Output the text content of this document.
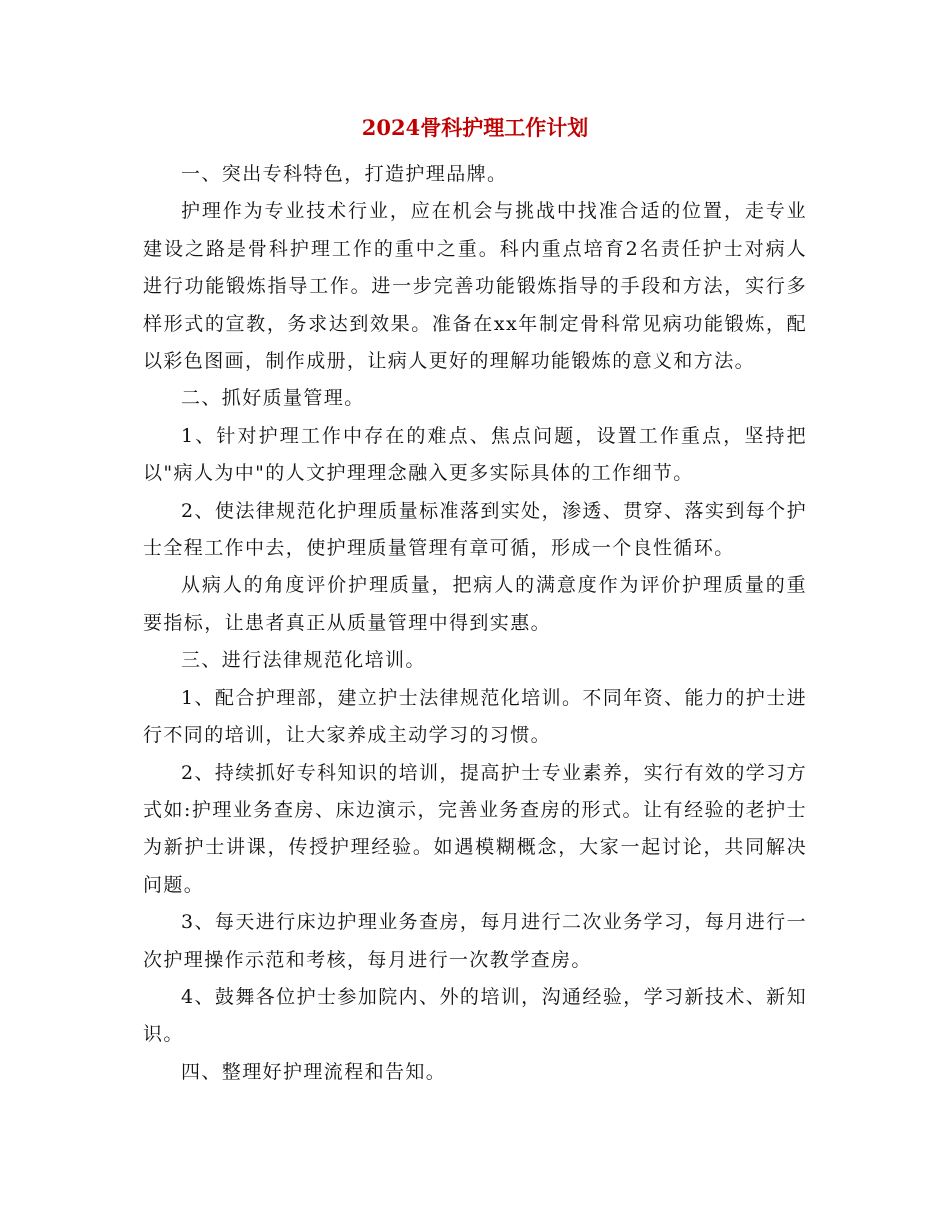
2024骨科护理工作计划

一、突出专科特色，打造护理品牌。

护理作为专业技术行业，应在机会与挑战中找准合适的位置，走专业建设之路是骨科护理工作的重中之重。科内重点培育2名责任护士对病人进行功能锻炼指导工作。进一步完善功能锻炼指导的手段和方法，实行多样形式的宣教，务求达到效果。准备在xx年制定骨科常见病功能锻炼，配以彩色图画，制作成册，让病人更好的理解功能锻炼的意义和方法。

二、抓好质量管理。

1、针对护理工作中存在的难点、焦点问题，设置工作重点，坚持把以"病人为中"的人文护理理念融入更多实际具体的工作细节。

2、使法律规范化护理质量标准落到实处，渗透、贯穿、落实到每个护士全程工作中去，使护理质量管理有章可循，形成一个良性循环。

从病人的角度评价护理质量，把病人的满意度作为评价护理质量的重要指标，让患者真正从质量管理中得到实惠。

三、进行法律规范化培训。

1、配合护理部，建立护士法律规范化培训。不同年资、能力的护士进行不同的培训，让大家养成主动学习的习惯。

2、持续抓好专科知识的培训，提高护士专业素养，实行有效的学习方式如:护理业务查房、床边演示，完善业务查房的形式。让有经验的老护士为新护士讲课，传授护理经验。如遇模糊概念，大家一起讨论，共同解决问题。

3、每天进行床边护理业务查房，每月进行二次业务学习，每月进行一次护理操作示范和考核，每月进行一次教学查房。

4、鼓舞各位护士参加院内、外的培训，沟通经验，学习新技术、新知识。

四、整理好护理流程和告知。
